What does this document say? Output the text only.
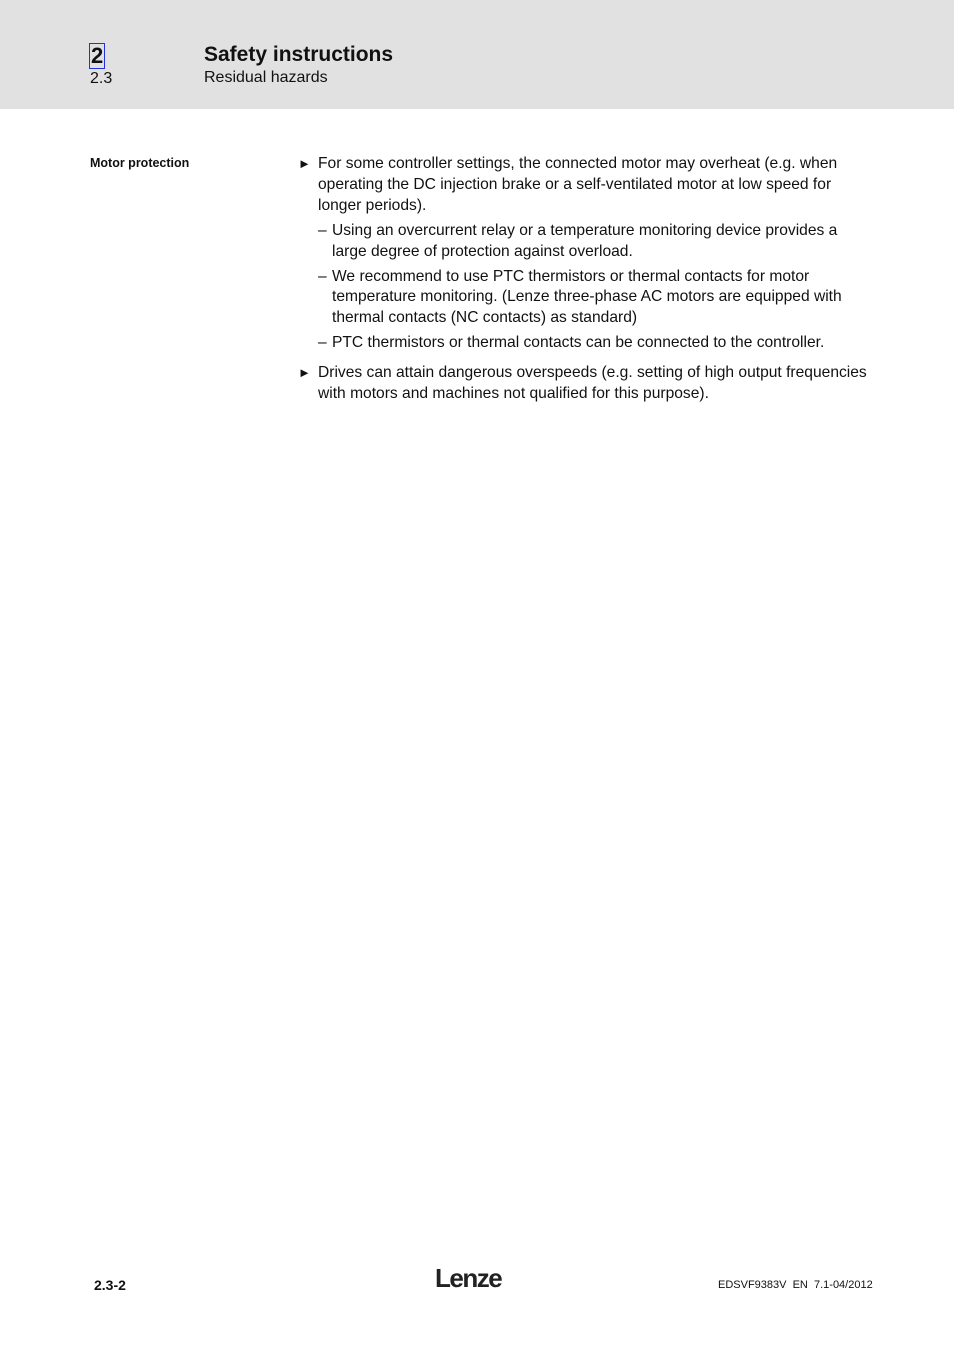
2
2.3
Safety instructions
Residual hazards
Motor protection	► For some controller settings, the connected motor may overheat (e.g. when operating the DC injection brake or a self-ventilated motor at low speed for longer periods).
– Using an overcurrent relay or a temperature monitoring device provides a large degree of protection against overload.
– We recommend to use PTC thermistors or thermal contacts for motor temperature monitoring. (Lenze three-phase AC motors are equipped with thermal contacts (NC contacts) as standard)
– PTC thermistors or thermal contacts can be connected to the controller.
► Drives can attain dangerous overspeeds (e.g. setting of high output frequencies with motors and machines not qualified for this purpose).
2.3-2	Lenze	EDSVF9383V  EN  7.1-04/2012
